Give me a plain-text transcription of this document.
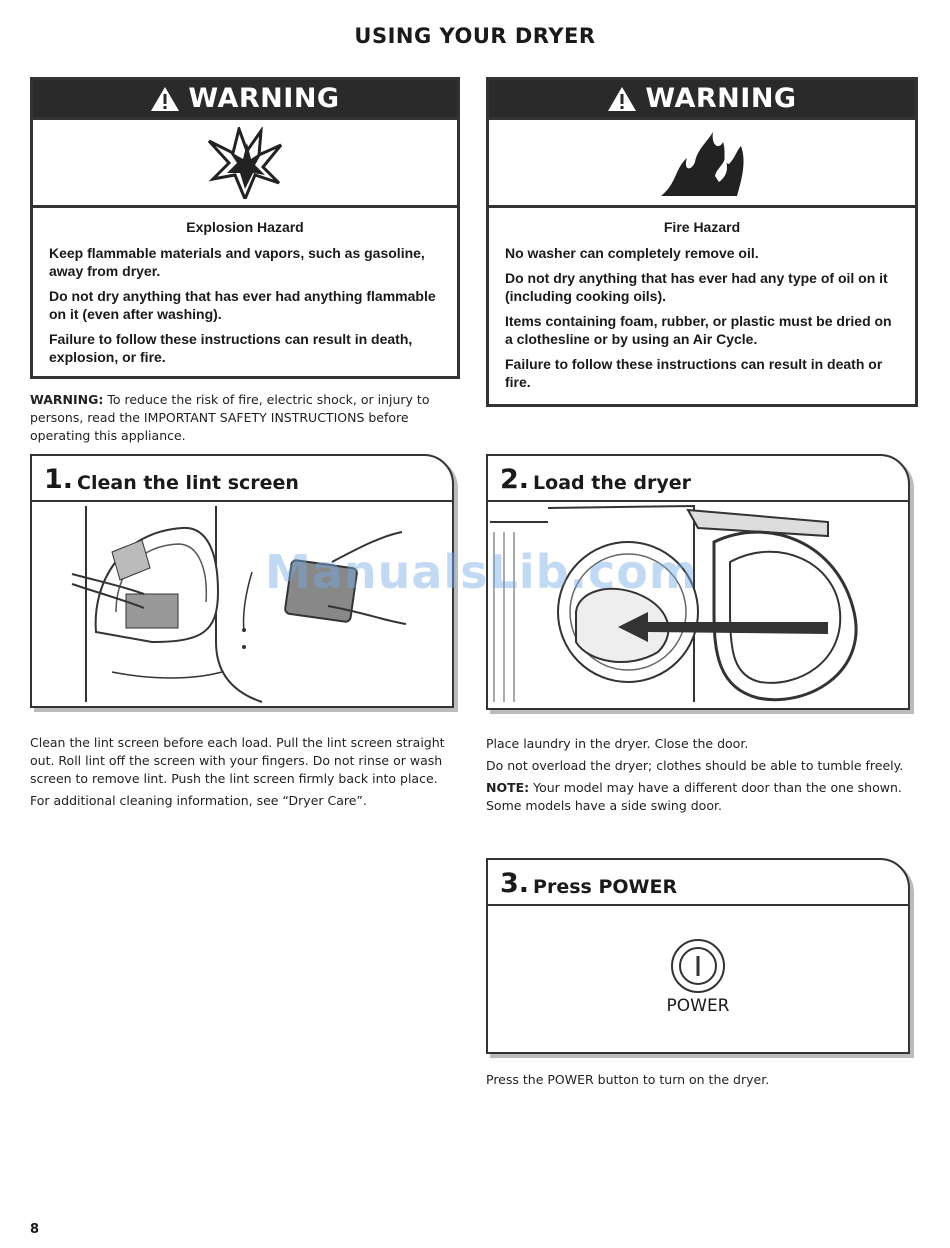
USING YOUR DRYER
WARNING
Explosion Hazard

Keep flammable materials and vapors, such as gasoline, away from dryer.

Do not dry anything that has ever had anything flammable on it (even after washing).

Failure to follow these instructions can result in death, explosion, or fire.

WARNING
Fire Hazard

No washer can completely remove oil.

Do not dry anything that has ever had any type of oil on it (including cooking oils).

Items containing foam, rubber, or plastic must be dried on a clothesline or by using an Air Cycle.

Failure to follow these instructions can result in death or fire.

WARNING: To reduce the risk of fire, electric shock, or injury to persons, read the IMPORTANT SAFETY INSTRUCTIONS before operating this appliance.
1. Clean the lint screen

Clean the lint screen before each load. Pull the lint screen straight out. Roll lint off the screen with your fingers. Do not rinse or wash screen to remove lint. Push the lint screen firmly back into place.

For additional cleaning information, see “Dryer Care”.

2. Load the dryer

Place laundry in the dryer. Close the door.

Do not overload the dryer; clothes should be able to tumble freely.

NOTE: Your model may have a different door than the one shown. Some models have a side swing door.

3. Press POWER
POWER

Press the POWER button to turn on the dryer.

ManualsLib.com
8
